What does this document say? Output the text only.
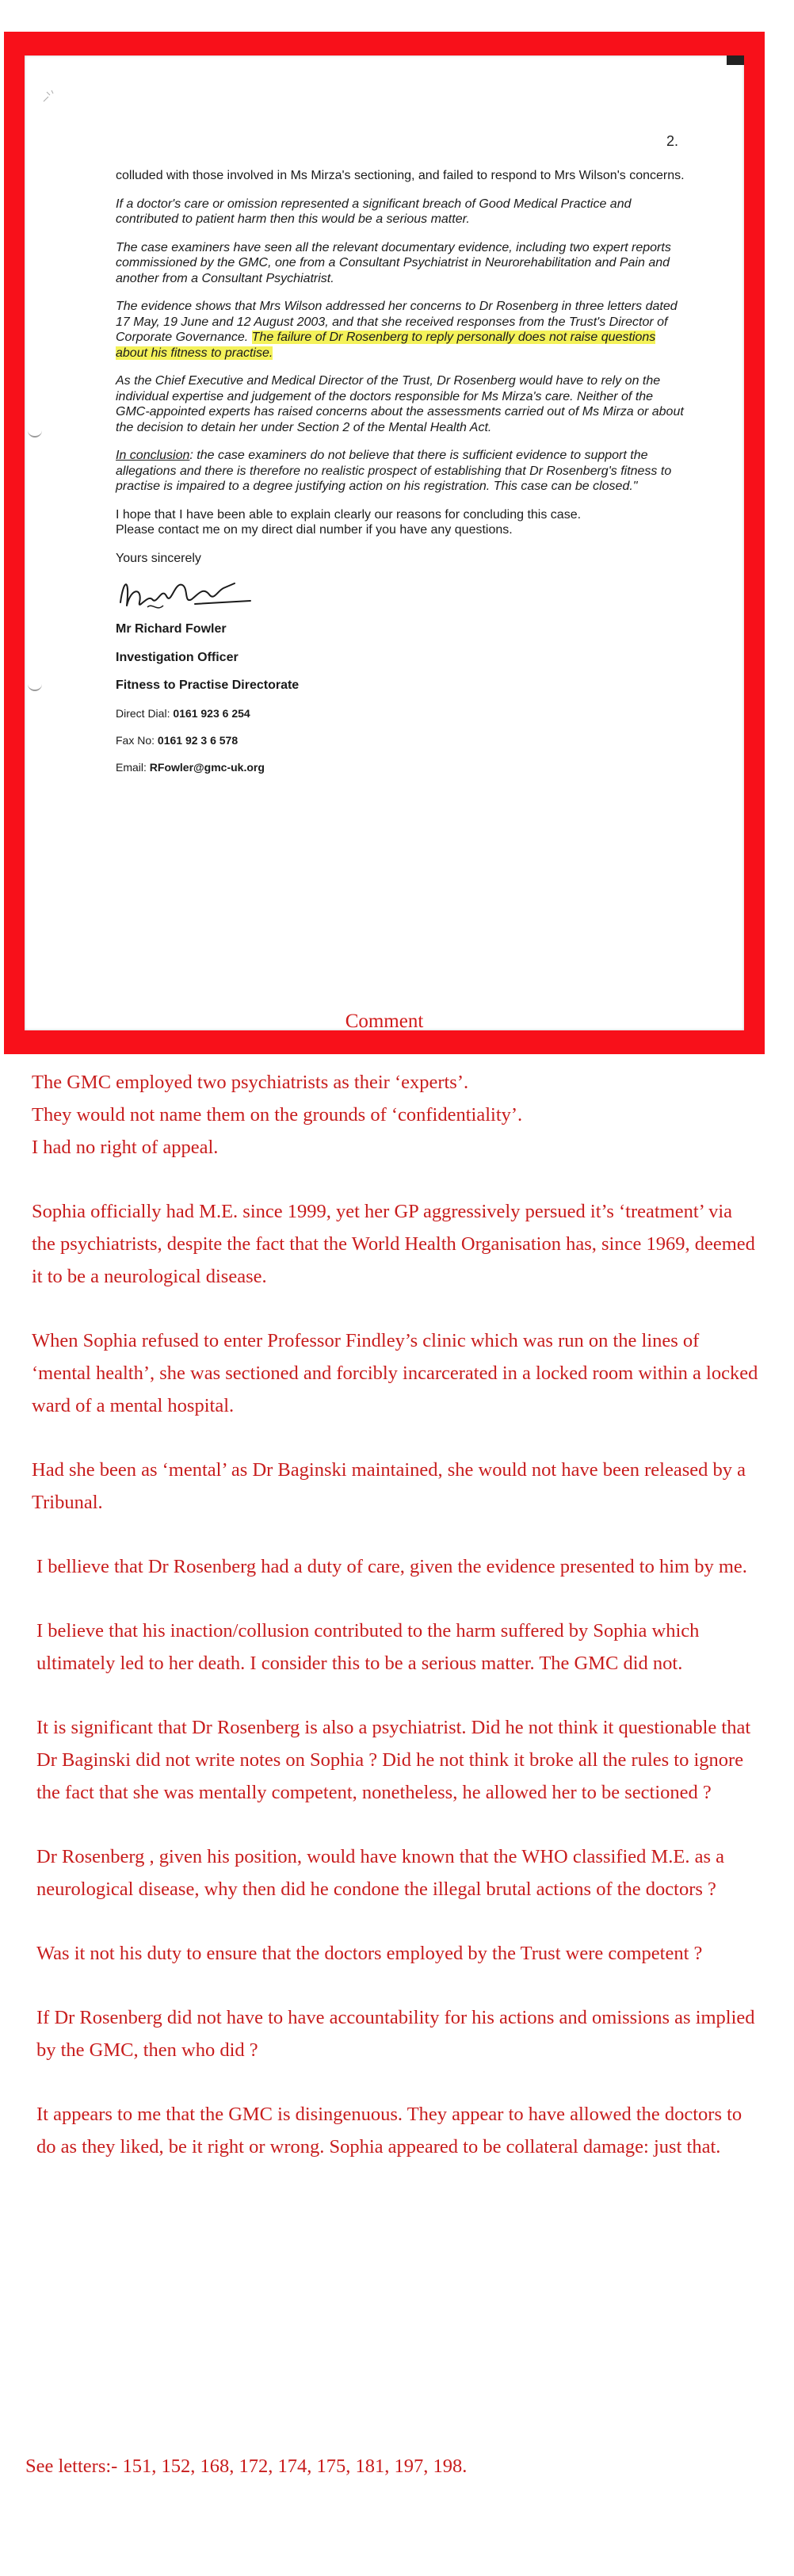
2.

colluded with those involved in Ms Mirza's sectioning, and failed to respond to Mrs Wilson's concerns.

If a doctor's care or omission represented a significant breach of Good Medical Practice and contributed to patient harm then this would be a serious matter.

The case examiners have seen all the relevant documentary evidence, including two expert reports commissioned by the GMC, one from a Consultant Psychiatrist in Neurorehabilitation and Pain and another from a Consultant Psychiatrist.

The evidence shows that Mrs Wilson addressed her concerns to Dr Rosenberg in three letters dated 17 May, 19 June and 12 August 2003, and that she received responses from the Trust's Director of Corporate Governance. The failure of Dr Rosenberg to reply personally does not raise questions about his fitness to practise.

As the Chief Executive and Medical Director of the Trust, Dr Rosenberg would have to rely on the individual expertise and judgement of the doctors responsible for Ms Mirza's care. Neither of the GMC-appointed experts has raised concerns about the assessments carried out of Ms Mirza or about the decision to detain her under Section 2 of the Mental Health Act.

In conclusion: the case examiners do not believe that there is sufficient evidence to support the allegations and there is therefore no realistic prospect of establishing that Dr Rosenberg's fitness to practise is impaired to a degree justifying action on his registration. This case can be closed."

I hope that I have been able to explain clearly our reasons for concluding this case.
Please contact me on my direct dial number if you have any questions.

Yours sincerely

Mr Richard Fowler

Investigation Officer

Fitness to Practise Directorate

Direct Dial: 0161 923 6 254

Fax No: 0161 92 3 6 578

Email: RFowler@gmc-uk.org

Comment

The GMC employed two psychiatrists as their ‘experts’.
They would not name them on the grounds of ‘confidentiality’.
I had no right of appeal.

Sophia officially had M.E. since 1999, yet her GP aggressively persued it’s ‘treatment’ via the psychiatrists, despite the fact that the World Health Organisation has, since 1969, deemed it to be a neurological disease.

When Sophia refused to enter Professor Findley’s clinic which was run on the lines of ‘mental health’, she was sectioned and forcibly incarcerated in a locked room within a locked ward of a mental hospital.

Had she been as ‘mental’ as Dr Baginski maintained, she would not have been released by a Tribunal.

I bellieve that Dr Rosenberg had a duty of care, given the evidence presented to him by me.

I believe that his inaction/collusion contributed to the harm suffered by Sophia which ultimately led to her death. I consider this to be a serious matter. The GMC did not.

It is significant that Dr Rosenberg is also a psychiatrist. Did he not think it questionable that Dr Baginski did not write notes on Sophia ? Did he not think it broke all the rules to ignore the fact that she was mentally competent, nonetheless, he allowed her to be sectioned ?

Dr Rosenberg , given his position, would have known that the WHO classified M.E. as a neurological disease, why then did he condone the illegal brutal actions of the doctors ?

Was it not his duty to ensure that the doctors employed by the Trust were competent ?

If Dr Rosenberg did not have to have accountability for his actions and omissions as implied by the GMC, then who did ?

It appears to me that the GMC is disingenuous. They appear to have allowed the doctors to do as they liked, be it right or wrong. Sophia appeared to be collateral damage: just that.

See letters:- 151, 152, 168, 172, 174, 175, 181, 197, 198.
